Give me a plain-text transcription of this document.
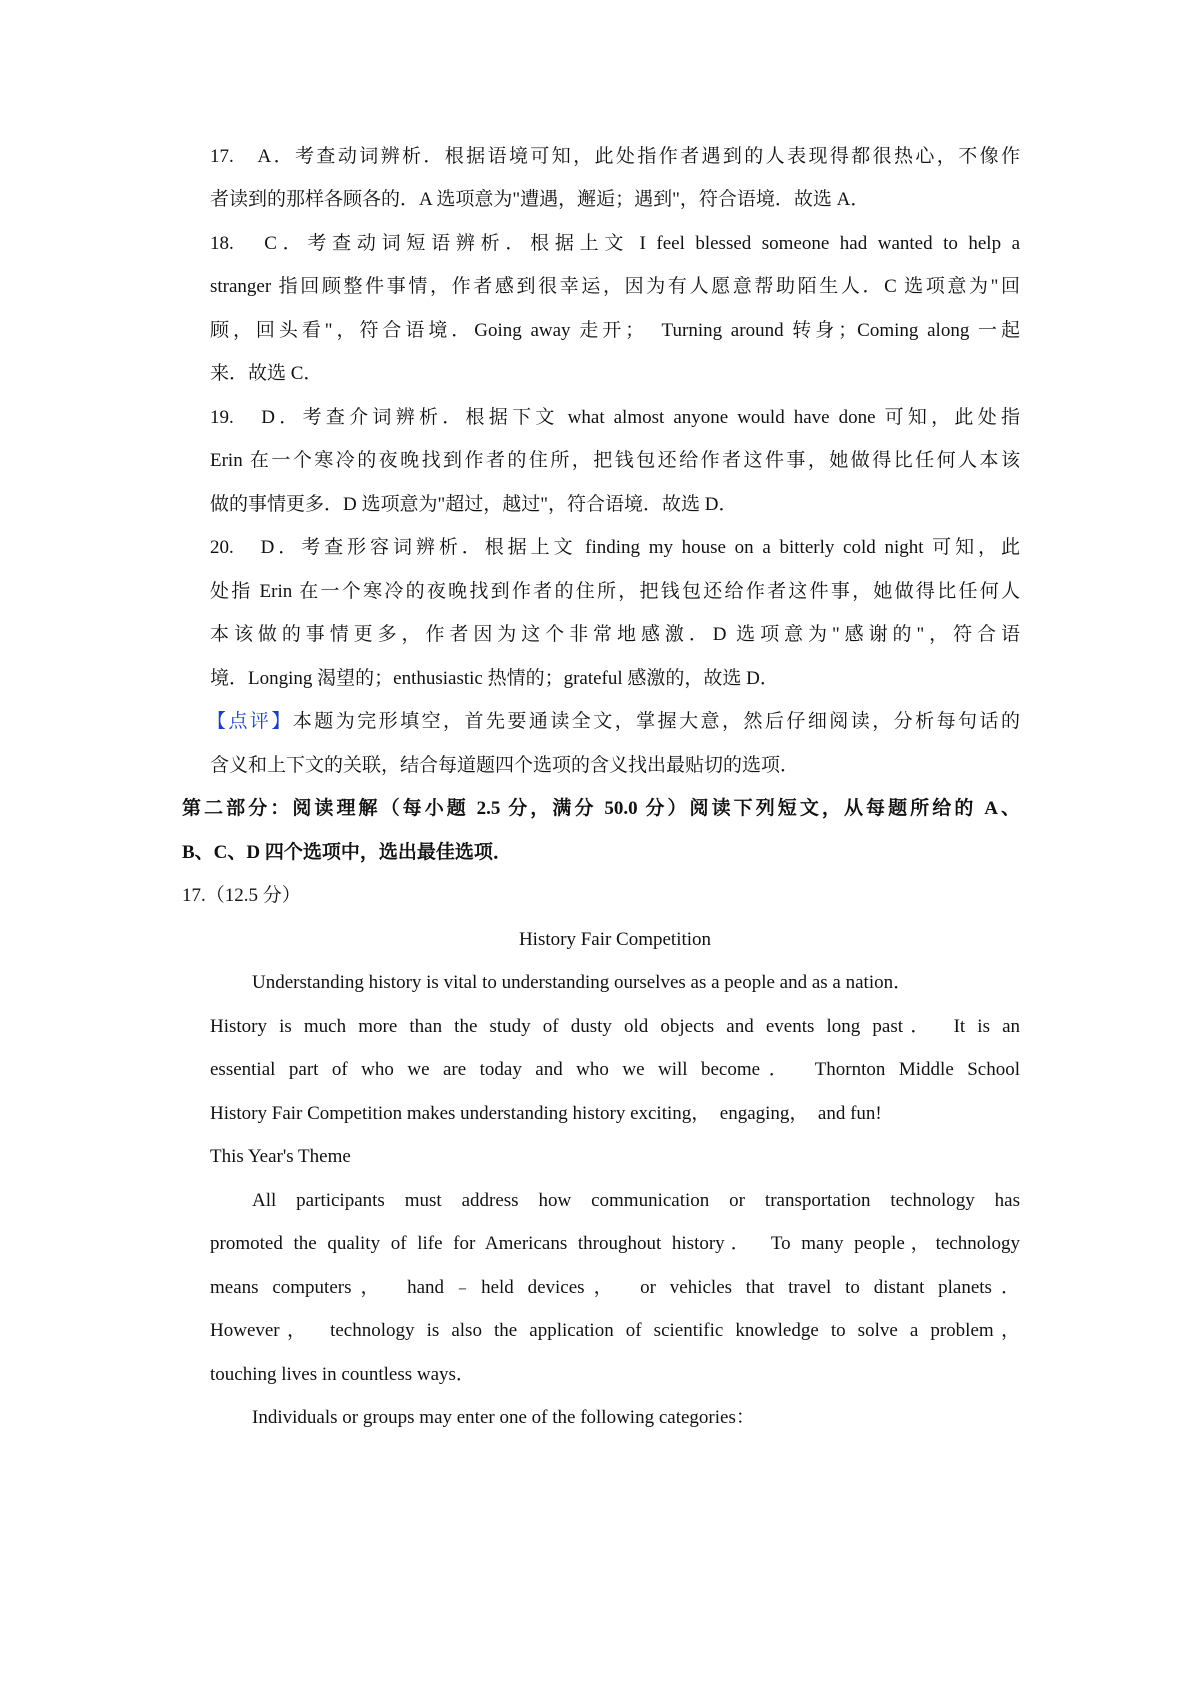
17.　A．考查动词辨析．根据语境可知，此处指作者遇到的人表现得都很热心，不像作
者读到的那样各顾各的．A 选项意为"遭遇，邂逅；遇到"，符合语境．故选 A．
18.　C．考查动词短语辨析．根据上文 I feel blessed someone had wanted to help a
stranger 指回顾整件事情，作者感到很幸运，因为有人愿意帮助陌生人．C 选项意为"回
顾，回头看"，符合语境．Going away 走开；　Turning around 转身；Coming along 一起
来．故选 C．
19.　D．考查介词辨析．根据下文 what almost anyone would have done 可知，此处指
Erin 在一个寒冷的夜晚找到作者的住所，把钱包还给作者这件事，她做得比任何人本该
做的事情更多．D 选项意为"超过，越过"，符合语境．故选 D．
20.　D．考查形容词辨析．根据上文 finding my house on a bitterly cold night 可知，此
处指 Erin 在一个寒冷的夜晚找到作者的住所，把钱包还给作者这件事，她做得比任何人
本该做的事情更多，作者因为这个非常地感激．D 选项意为"感谢的"，符合语
境．Longing 渴望的；enthusiastic 热情的；grateful 感激的，故选 D．
【点评】本题为完形填空，首先要通读全文，掌握大意，然后仔细阅读，分析每句话的
含义和上下文的关联，结合每道题四个选项的含义找出最贴切的选项．
第二部分：阅读理解（每小题 2.5 分，满分 50.0 分）阅读下列短文，从每题所给的 A、
B、C、D 四个选项中，选出最佳选项．
17.（12.5 分）
History Fair Competition
Understanding history is vital to understanding ourselves as a people and as a nation．
History is much more than the study of dusty old objects and events long past．　It is an
essential part of who we are today and who we will become．　Thornton Middle School
History Fair Competition makes understanding history exciting，　engaging，　and fun!
This Year's Theme
All participants must address how communication or transportation technology has
promoted the quality of life for Americans throughout history．　To many people，technology
means computers，　hand﹣held devices，　or vehicles that travel to distant planets．
However，　technology is also the application of scientific knowledge to solve a problem，
touching lives in countless ways．
Individuals or groups may enter one of the following categories：
